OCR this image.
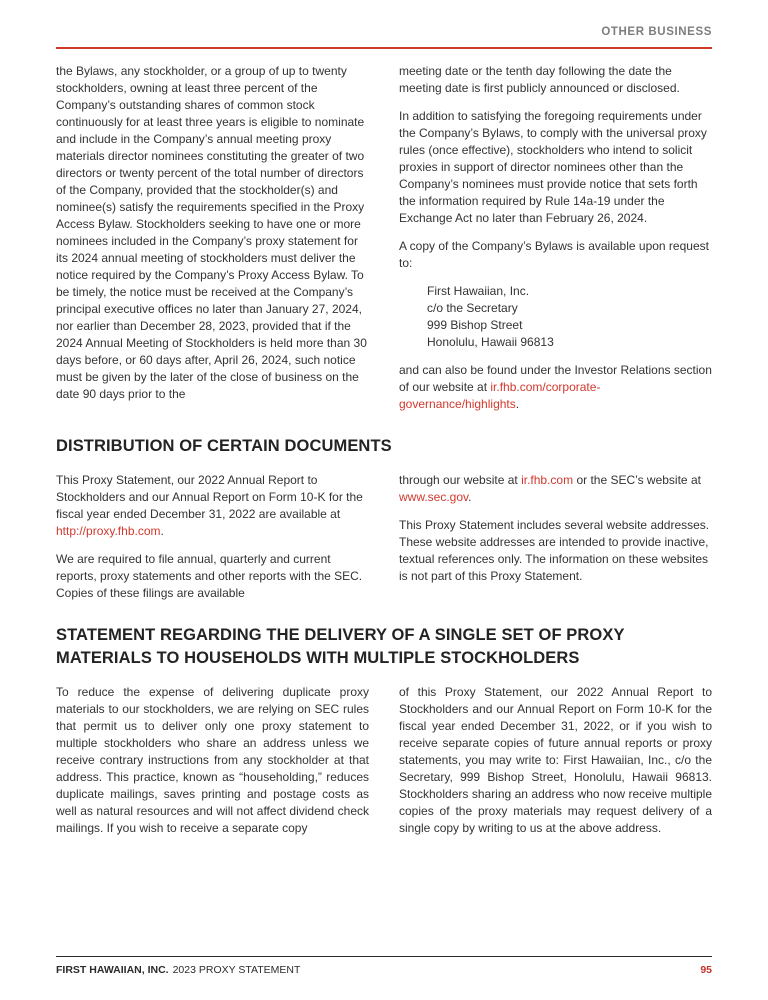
OTHER BUSINESS

the Bylaws, any stockholder, or a group of up to twenty stockholders, owning at least three percent of the Company’s outstanding shares of common stock continuously for at least three years is eligible to nominate and include in the Company’s annual meeting proxy materials director nominees constituting the greater of two directors or twenty percent of the total number of directors of the Company, provided that the stockholder(s) and nominee(s) satisfy the requirements specified in the Proxy Access Bylaw. Stockholders seeking to have one or more nominees included in the Company’s proxy statement for its 2024 annual meeting of stockholders must deliver the notice required by the Company’s Proxy Access Bylaw. To be timely, the notice must be received at the Company’s principal executive offices no later than January 27, 2024, nor earlier than December 28, 2023, provided that if the 2024 Annual Meeting of Stockholders is held more than 30 days before, or 60 days after, April 26, 2024, such notice must be given by the later of the close of business on the date 90 days prior to the

meeting date or the tenth day following the date the meeting date is first publicly announced or disclosed.

In addition to satisfying the foregoing requirements under the Company’s Bylaws, to comply with the universal proxy rules (once effective), stockholders who intend to solicit proxies in support of director nominees other than the Company’s nominees must provide notice that sets forth the information required by Rule 14a-19 under the Exchange Act no later than February 26, 2024.

A copy of the Company’s Bylaws is available upon request to:

First Hawaiian, Inc.
c/o the Secretary
999 Bishop Street
Honolulu, Hawaii 96813

and can also be found under the Investor Relations section of our website at ir.fhb.com/corporate-governance/highlights.

DISTRIBUTION OF CERTAIN DOCUMENTS

This Proxy Statement, our 2022 Annual Report to Stockholders and our Annual Report on Form 10-K for the fiscal year ended December 31, 2022 are available at http://proxy.fhb.com.

We are required to file annual, quarterly and current reports, proxy statements and other reports with the SEC. Copies of these filings are available

through our website at ir.fhb.com or the SEC’s website at www.sec.gov.

This Proxy Statement includes several website addresses. These website addresses are intended to provide inactive, textual references only. The information on these websites is not part of this Proxy Statement.

STATEMENT REGARDING THE DELIVERY OF A SINGLE SET OF PROXY MATERIALS TO HOUSEHOLDS WITH MULTIPLE STOCKHOLDERS

To reduce the expense of delivering duplicate proxy materials to our stockholders, we are relying on SEC rules that permit us to deliver only one proxy statement to multiple stockholders who share an address unless we receive contrary instructions from any stockholder at that address. This practice, known as “householding,” reduces duplicate mailings, saves printing and postage costs as well as natural resources and will not affect dividend check mailings. If you wish to receive a separate copy

of this Proxy Statement, our 2022 Annual Report to Stockholders and our Annual Report on Form 10-K for the fiscal year ended December 31, 2022, or if you wish to receive separate copies of future annual reports or proxy statements, you may write to: First Hawaiian, Inc., c/o the Secretary, 999 Bishop Street, Honolulu, Hawaii 96813. Stockholders sharing an address who now receive multiple copies of the proxy materials may request delivery of a single copy by writing to us at the above address.

FIRST HAWAIIAN, INC. 2023 PROXY STATEMENT	95
